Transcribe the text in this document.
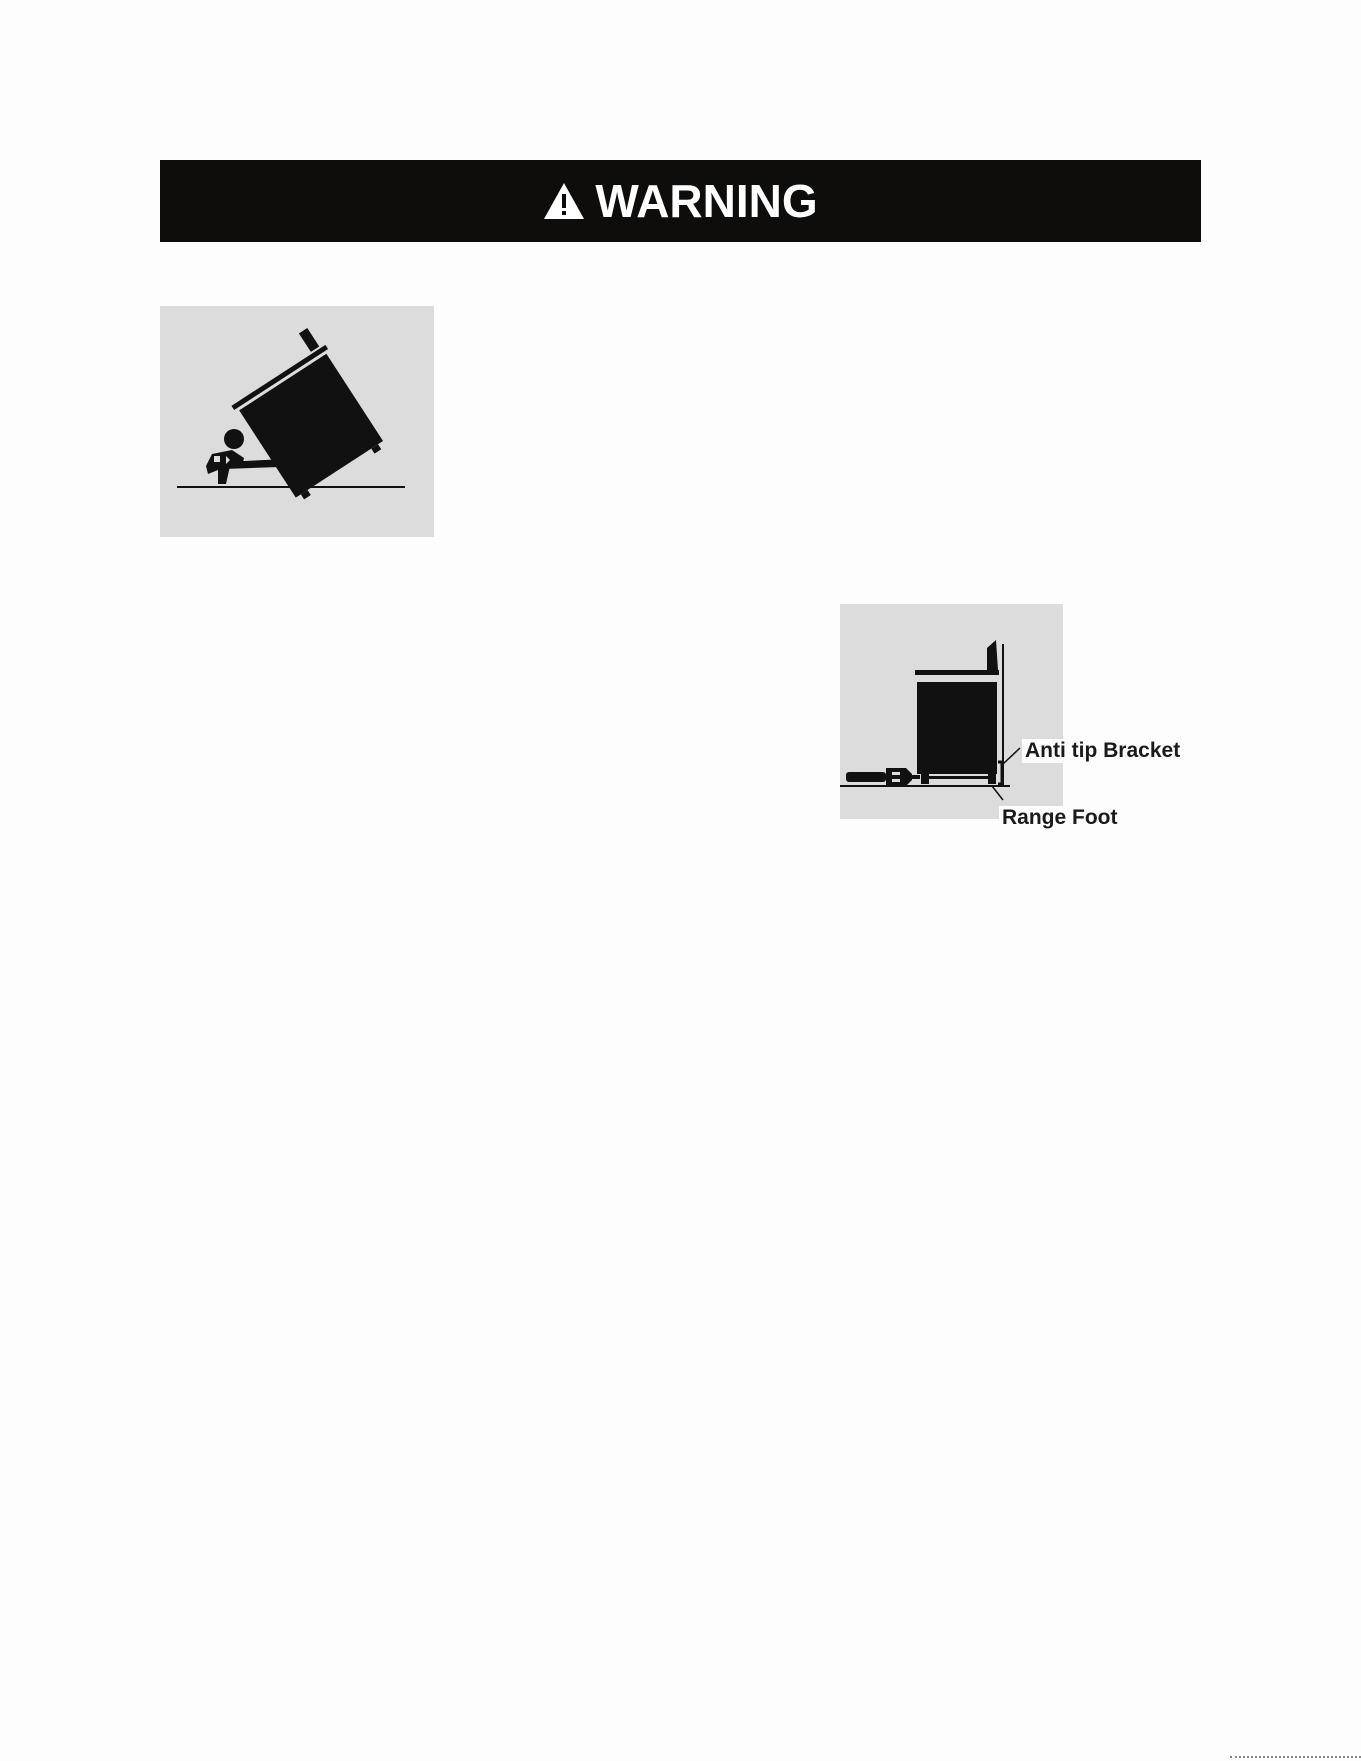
WARNING
Anti tip Bracket
Range Foot
